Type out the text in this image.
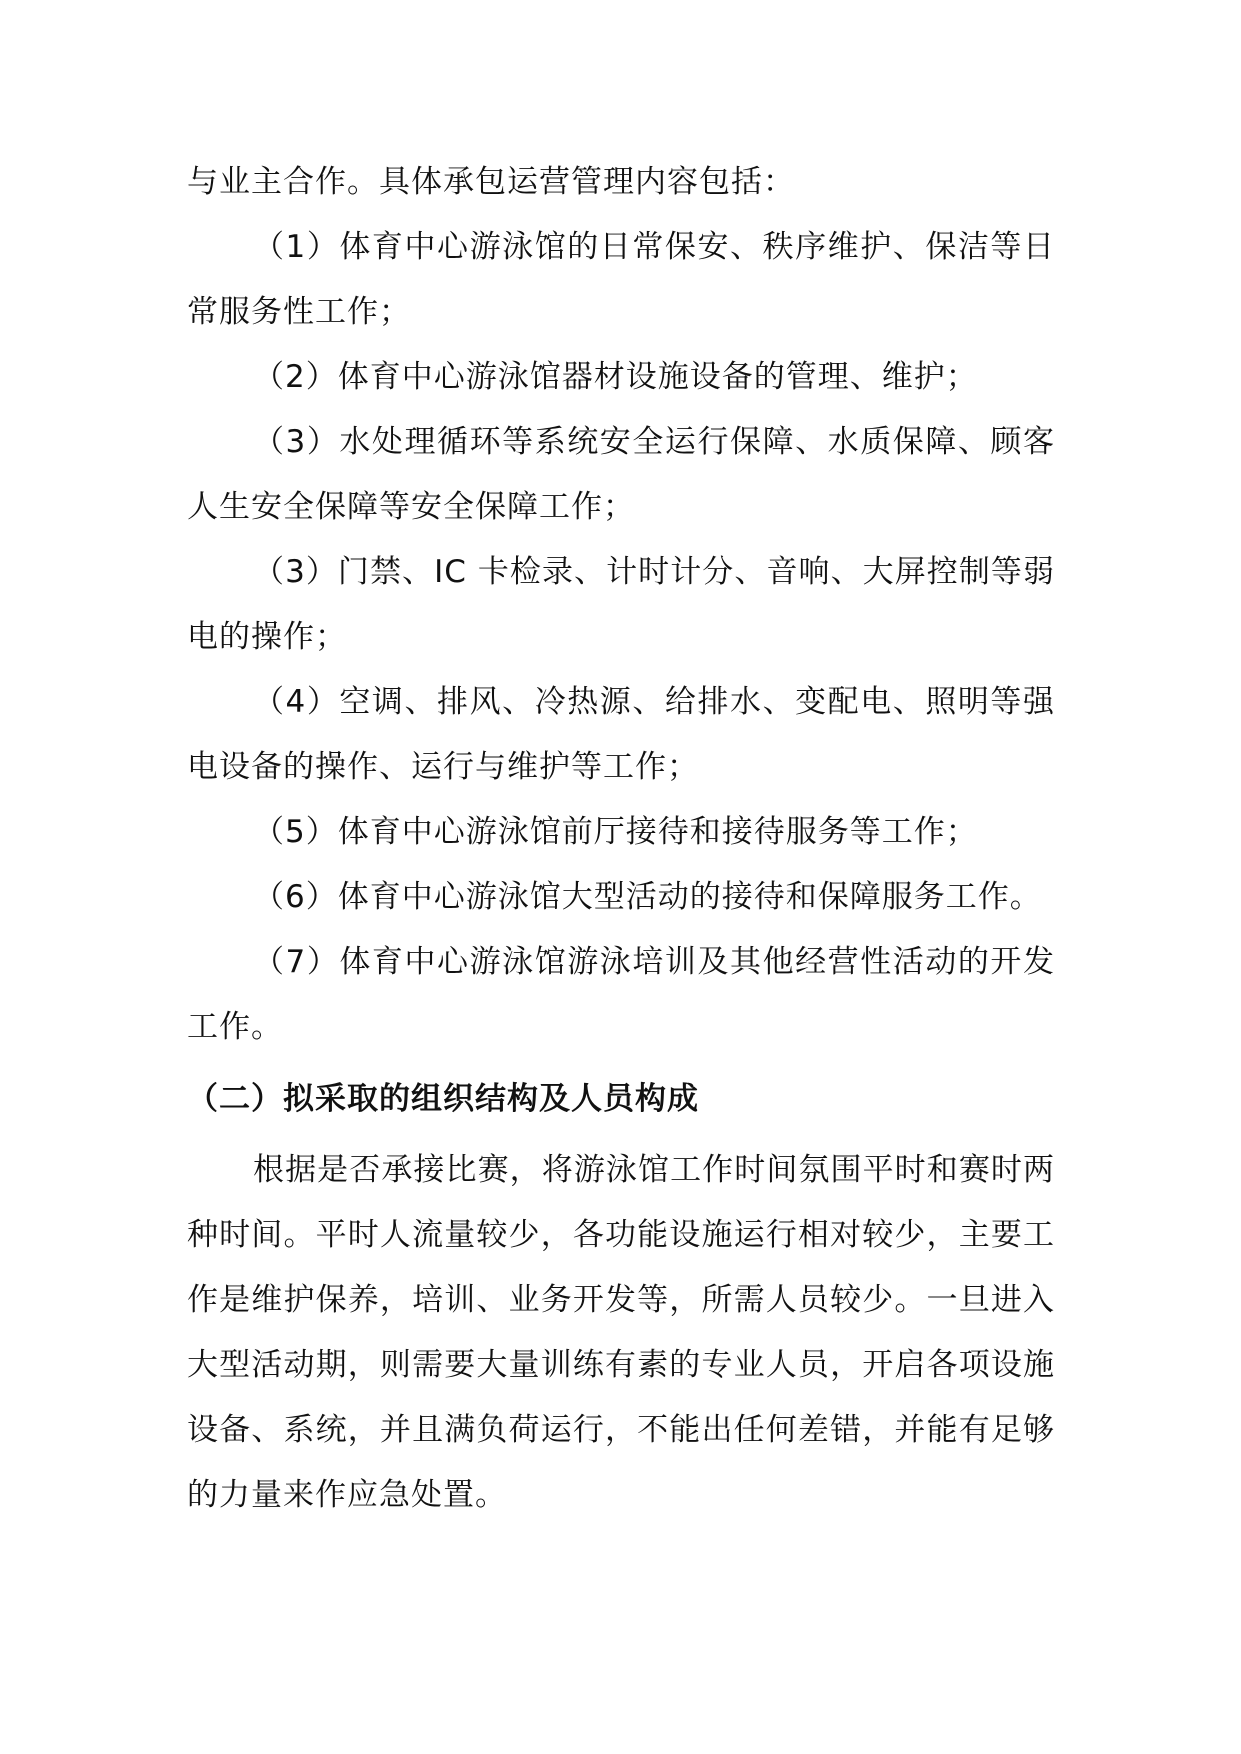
与业主合作。具体承包运营管理内容包括：

（1）体育中心游泳馆的日常保安、秩序维护、保洁等日常服务性工作；

（2）体育中心游泳馆器材设施设备的管理、维护；

（3）水处理循环等系统安全运行保障、水质保障、顾客人生安全保障等安全保障工作；

（3）门禁、IC 卡检录、计时计分、音响、大屏控制等弱电的操作；

（4）空调、排风、冷热源、给排水、变配电、照明等强电设备的操作、运行与维护等工作；

（5）体育中心游泳馆前厅接待和接待服务等工作；

（6）体育中心游泳馆大型活动的接待和保障服务工作。

（7）体育中心游泳馆游泳培训及其他经营性活动的开发工作。

（二）拟采取的组织结构及人员构成

根据是否承接比赛，将游泳馆工作时间氛围平时和赛时两种时间。平时人流量较少，各功能设施运行相对较少，主要工作是维护保养，培训、业务开发等，所需人员较少。一旦进入大型活动期，则需要大量训练有素的专业人员，开启各项设施设备、系统，并且满负荷运行，不能出任何差错，并能有足够的力量来作应急处置。
